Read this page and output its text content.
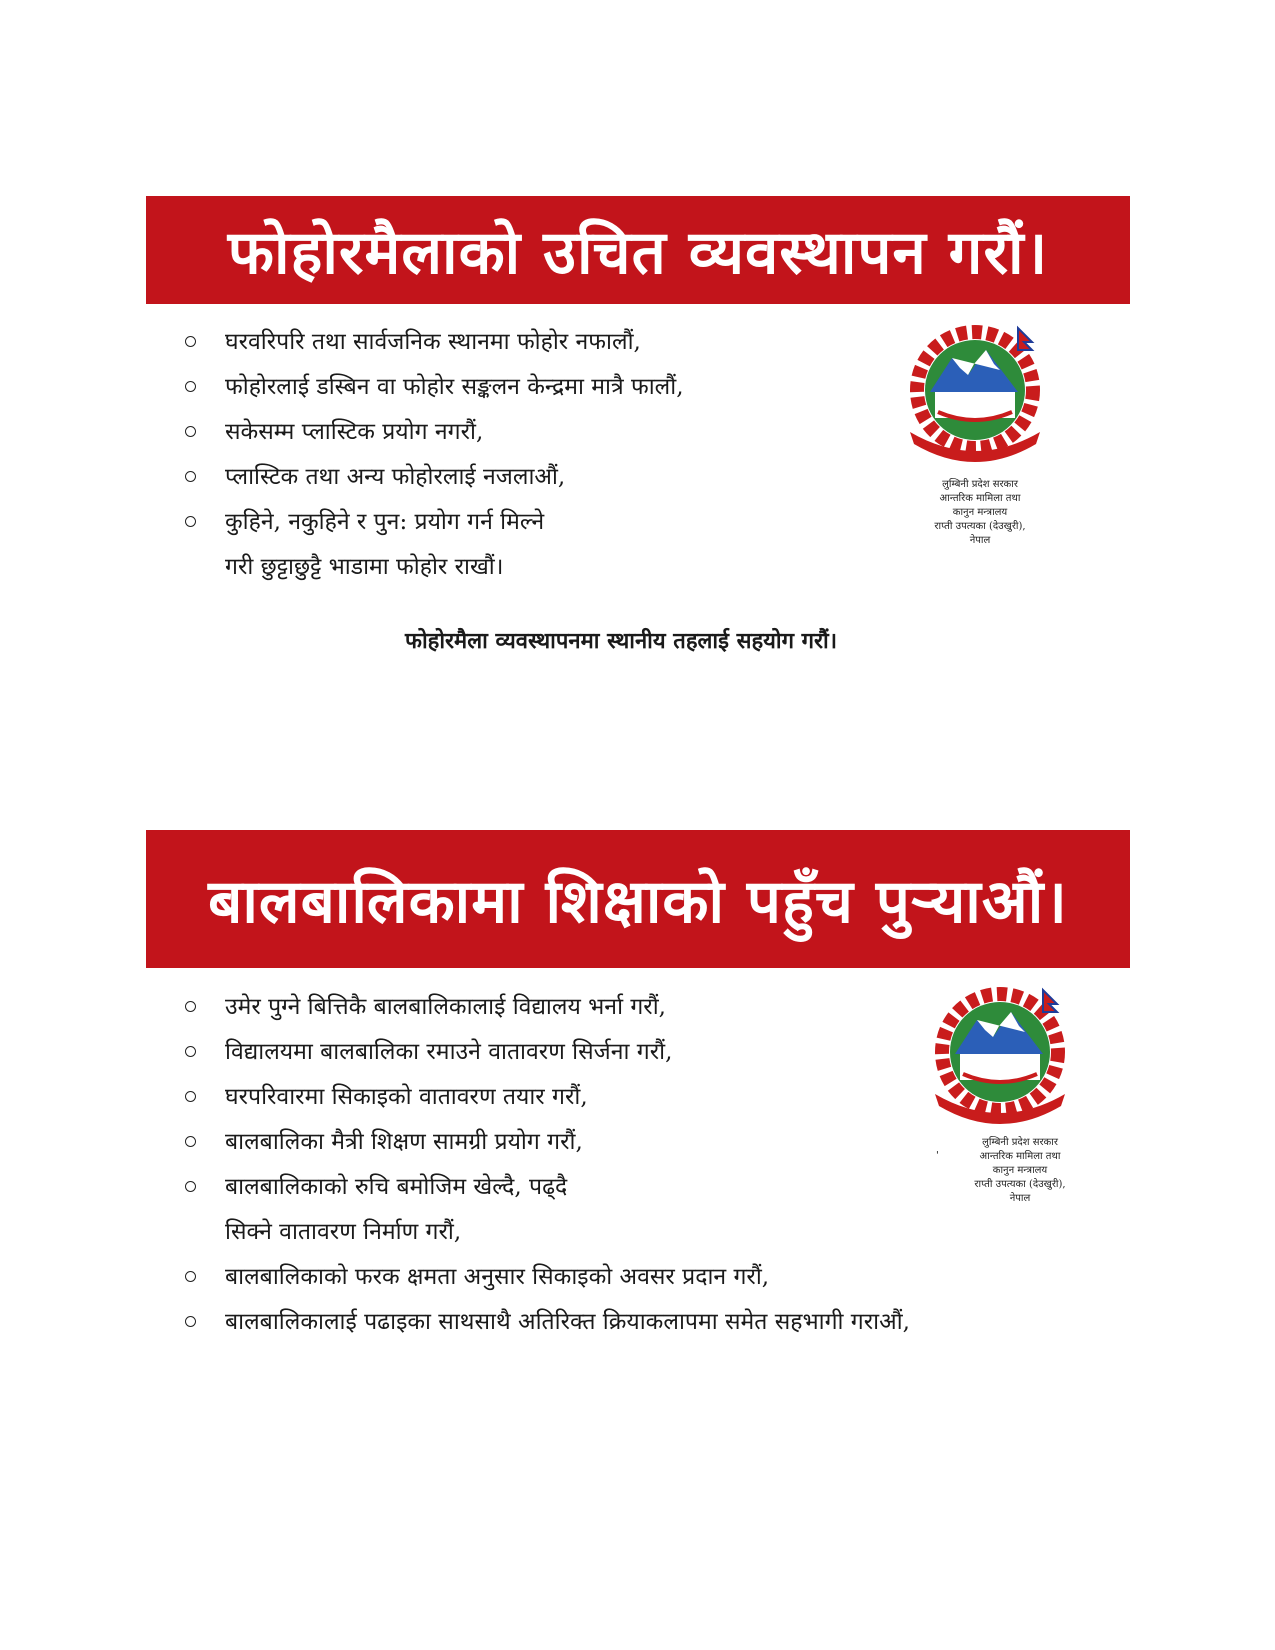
फोहोरमैलाको उचित व्यवस्थापन गरौं।
घरवरिपरि तथा सार्वजनिक स्थानमा फोहोर नफालौं,
फोहोरलाई डस्बिन वा फोहोर सङ्कलन केन्द्रमा मात्रै फालौं,
सकेसम्म प्लास्टिक प्रयोग नगरौं,
प्लास्टिक तथा अन्य फोहोरलाई नजलाऔं,
कुहिने, नकुहिने र पुन: प्रयोग गर्न मिल्ने
गरी छुट्टाछुट्टै भाडामा फोहोर राखौं।
फोहोरमैला व्यवस्थापनमा स्थानीय तहलाई सहयोग गरौं।
लुम्बिनी प्रदेश सरकार
आन्तरिक मामिला तथा
कानुन मन्त्रालय
राप्ती उपत्यका (देउखुरी),
नेपाल
बालबालिकामा शिक्षाको पहुँच पुऱ्याऔं।
उमेर पुग्ने बित्तिकै बालबालिकालाई विद्यालय भर्ना गरौं,
विद्यालयमा बालबालिका रमाउने वातावरण सिर्जना गरौं,
घरपरिवारमा सिकाइको वातावरण तयार गरौं,
बालबालिका मैत्री शिक्षण सामग्री प्रयोग गरौं,
बालबालिकाको रुचि बमोजिम खेल्दै, पढ्दै
सिक्ने वातावरण निर्माण गरौं,
बालबालिकाको फरक क्षमता अनुसार सिकाइको अवसर प्रदान गरौं,
बालबालिकालाई पढाइका साथसाथै अतिरिक्त क्रियाकलापमा समेत सहभागी गराऔं,
'
लुम्बिनी प्रदेश सरकार
आन्तरिक मामिला तथा
कानुन मन्त्रालय
राप्ती उपत्यका (देउखुरी),
नेपाल
